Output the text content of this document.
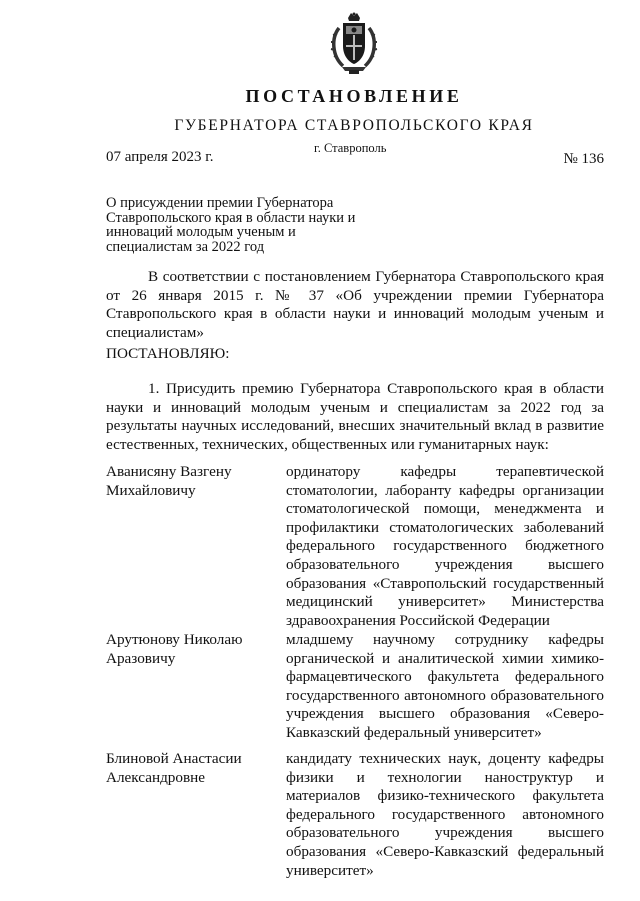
ПОСТАНОВЛЕНИЕ
ГУБЕРНАТОРА СТАВРОПОЛЬСКОГО КРАЯ
г. Ставрополь
07 апреля 2023 г.	№ 136
О присуждении премии Губернатора Ставропольского края в области науки и инноваций молодым ученым и специалистам за 2022 год
В соответствии с постановлением Губернатора Ставропольского края от 26 января 2015 г. № 37 «Об учреждении премии Губернатора Ставропольского края в области науки и инноваций молодым ученым и специалистам»
ПОСТАНОВЛЯЮ:
1. Присудить премию Губернатора Ставропольского края в области науки и инноваций молодым ученым и специалистам за 2022 год за результаты научных исследований, внесших значительный вклад в развитие естественных, технических, общественных или гуманитарных наук:
Аванисяну Вазгену Михайловичу
ординатору кафедры терапевтической стоматологии, лаборанту кафедры организации стоматологической помощи, менеджмента и профилактики стоматологических заболеваний федерального государственного бюджетного образовательного учреждения высшего образования «Ставропольский государственный медицинский университет» Министерства здравоохранения Российской Федерации
Арутюнову Николаю Аразовичу
младшему научному сотруднику кафедры органической и аналитической химии химико-фармацевтического факультета федерального государственного автономного образовательного учреждения высшего образования «Северо-Кавказский федеральный университет»
Блиновой Анастасии Александровне
кандидату технических наук, доценту кафедры физики и технологии наноструктур и материалов физико-технического факультета федерального государственного автономного образовательного учреждения высшего образования «Северо-Кавказский федеральный университет»
